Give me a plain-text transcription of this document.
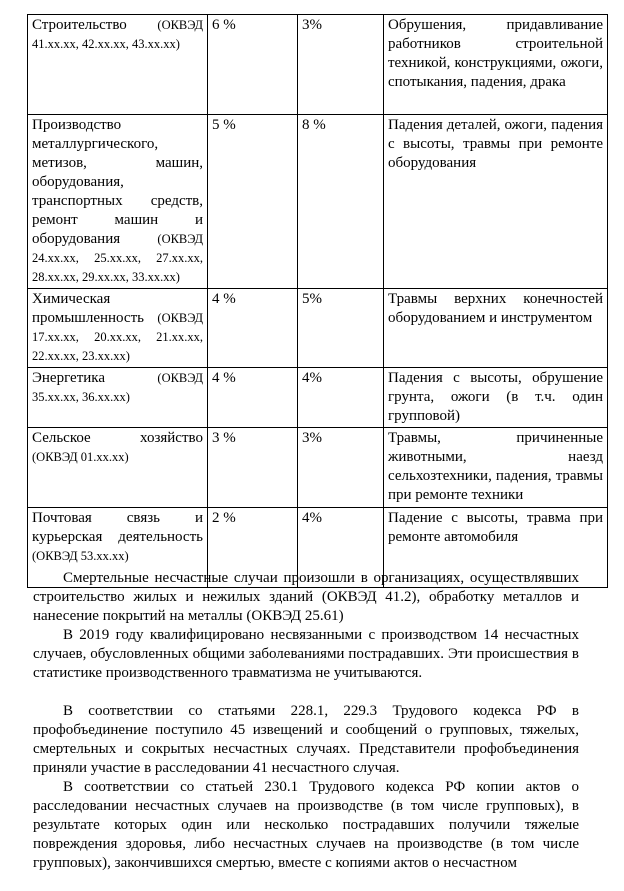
Строительство (ОКВЭД 41.xx.xx, 42.xx.xx, 43.xx.xx)	6 %	3%	Обрушения, придавливание работников строительной техникой, конструкциями, ожоги, спотыкания, падения, драка
Производство металлургического, метизов, машин, оборудования, транспортных средств, ремонт машин и оборудования (ОКВЭД 24.xx.xx, 25.xx.xx, 27.xx.xx, 28.xx.xx, 29.xx.xx, 33.xx.xx)	5 %	8 %	Падения деталей, ожоги, падения с высоты, травмы при ремонте оборудования
Химическая промышленность (ОКВЭД 17.xx.xx, 20.xx.xx, 21.xx.xx, 22.xx.xx, 23.xx.xx)	4 %	5%	Травмы верхних конечностей оборудованием и инструментом
Энергетика (ОКВЭД 35.xx.xx, 36.xx.xx)	4 %	4%	Падения с высоты, обрушение грунта, ожоги (в т.ч. один групповой)
Сельское хозяйство (ОКВЭД 01.xx.xx)	3 %	3%	Травмы, причиненные животными, наезд сельхозтехники, падения, травмы при ремонте техники
Почтовая связь и курьерская деятельность (ОКВЭД 53.xx.xx)	2 %	4%	Падение с высоты, травма при ремонте автомобиля

Смертельные несчастные случаи произошли в организациях, осуществлявших строительство жилых и нежилых зданий (ОКВЭД 41.2), обработку металлов и нанесение покрытий на металлы (ОКВЭД 25.61)

В 2019 году квалифицировано несвязанными с производством 14 несчастных случаев, обусловленных общими заболеваниями пострадавших. Эти происшествия в статистике производственного травматизма не учитываются.

В соответствии со статьями 228.1, 229.3 Трудового кодекса РФ в профобъединение поступило 45 извещений и сообщений о групповых, тяжелых, смертельных и сокрытых несчастных случаях. Представители профобъединения приняли участие в расследовании 41 несчастного случая.

В соответствии со статьей 230.1 Трудового кодекса РФ копии актов о расследовании несчастных случаев на производстве (в том числе групповых), в результате которых один или несколько пострадавших получили тяжелые повреждения здоровья, либо несчастных случаев на производстве (в том числе групповых), закончившихся смертью, вместе с копиями актов о несчастном
